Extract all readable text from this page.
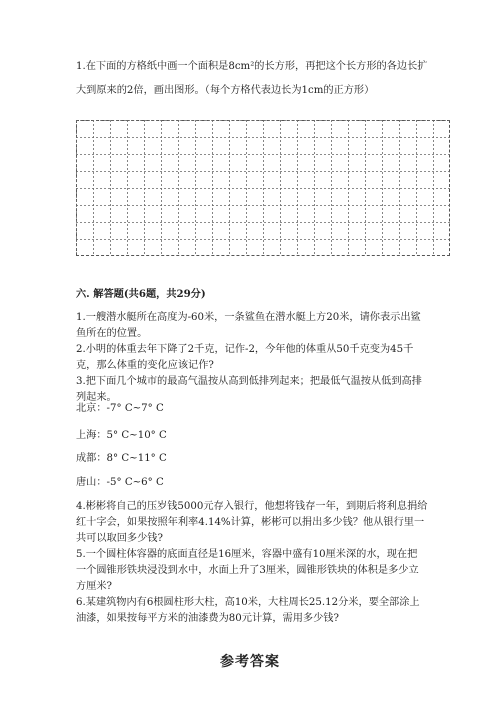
1.在下面的方格纸中画一个面积是8cm²的长方形，再把这个长方形的各边长扩

大到原来的2倍，画出图形。（每个方格代表边长为1cm的正方形）

六. 解答题(共6题，共29分)

1.一艘潜水艇所在高度为-60米，一条鲨鱼在潜水艇上方20米，请你表示出鲨

鱼所在的位置。

2.小明的体重去年下降了2千克，记作-2，今年他的体重从50千克变为45千

克，那么体重的变化应该记作?

3.把下面几个城市的最高气温按从高到低排列起来；把最低气温按从低到高排

列起来。

北京：-7° C~7° C

上海：5° C~10° C

成都：8° C~11° C

唐山：-5° C~6° C

4.彬彬将自己的压岁钱5000元存入银行，他想将钱存一年，到期后将利息捐给

红十字会，如果按照年利率4.14%计算，彬彬可以捐出多少钱？他从银行里一

共可以取回多少钱?

5.一个圆柱体容器的底面直径是16厘米，容器中盛有10厘米深的水，现在把

一个圆锥形铁块浸没到水中，水面上升了3厘米，圆锥形铁块的体积是多少立

方厘米?

6.某建筑物内有6根圆柱形大柱，高10米，大柱周长25.12分米，要全部涂上

油漆，如果按每平方米的油漆费为80元计算，需用多少钱?

参考答案
